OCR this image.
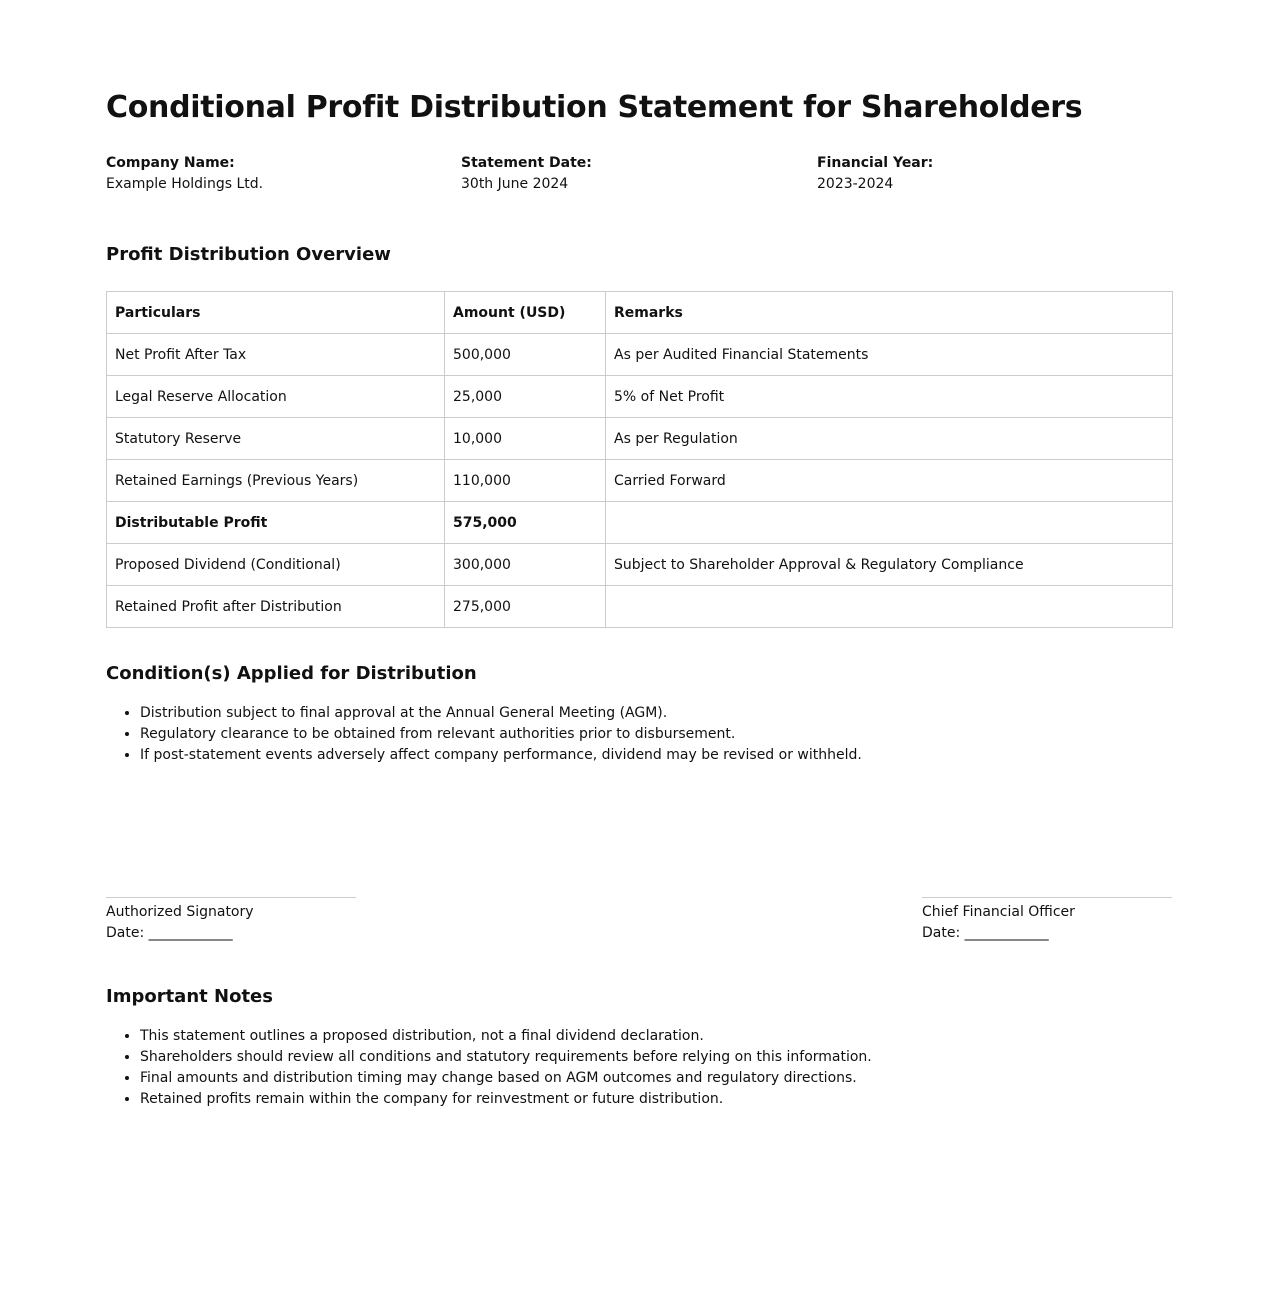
Conditional Profit Distribution Statement for Shareholders
Company Name:
Example Holdings Ltd.
Statement Date:
30th June 2024
Financial Year:
2023-2024
Profit Distribution Overview
Particulars	Amount (USD)	Remarks
Net Profit After Tax	500,000	As per Audited Financial Statements
Legal Reserve Allocation	25,000	5% of Net Profit
Statutory Reserve	10,000	As per Regulation
Retained Earnings (Previous Years)	110,000	Carried Forward
Distributable Profit	575,000	
Proposed Dividend (Conditional)	300,000	Subject to Shareholder Approval & Regulatory Compliance
Retained Profit after Distribution	275,000	
Condition(s) Applied for Distribution
• Distribution subject to final approval at the Annual General Meeting (AGM).
• Regulatory clearance to be obtained from relevant authorities prior to disbursement.
• If post-statement events adversely affect company performance, dividend may be revised or withheld.
Authorized Signatory
Date: ____________
Chief Financial Officer
Date: ____________
Important Notes
• This statement outlines a proposed distribution, not a final dividend declaration.
• Shareholders should review all conditions and statutory requirements before relying on this information.
• Final amounts and distribution timing may change based on AGM outcomes and regulatory directions.
• Retained profits remain within the company for reinvestment or future distribution.
